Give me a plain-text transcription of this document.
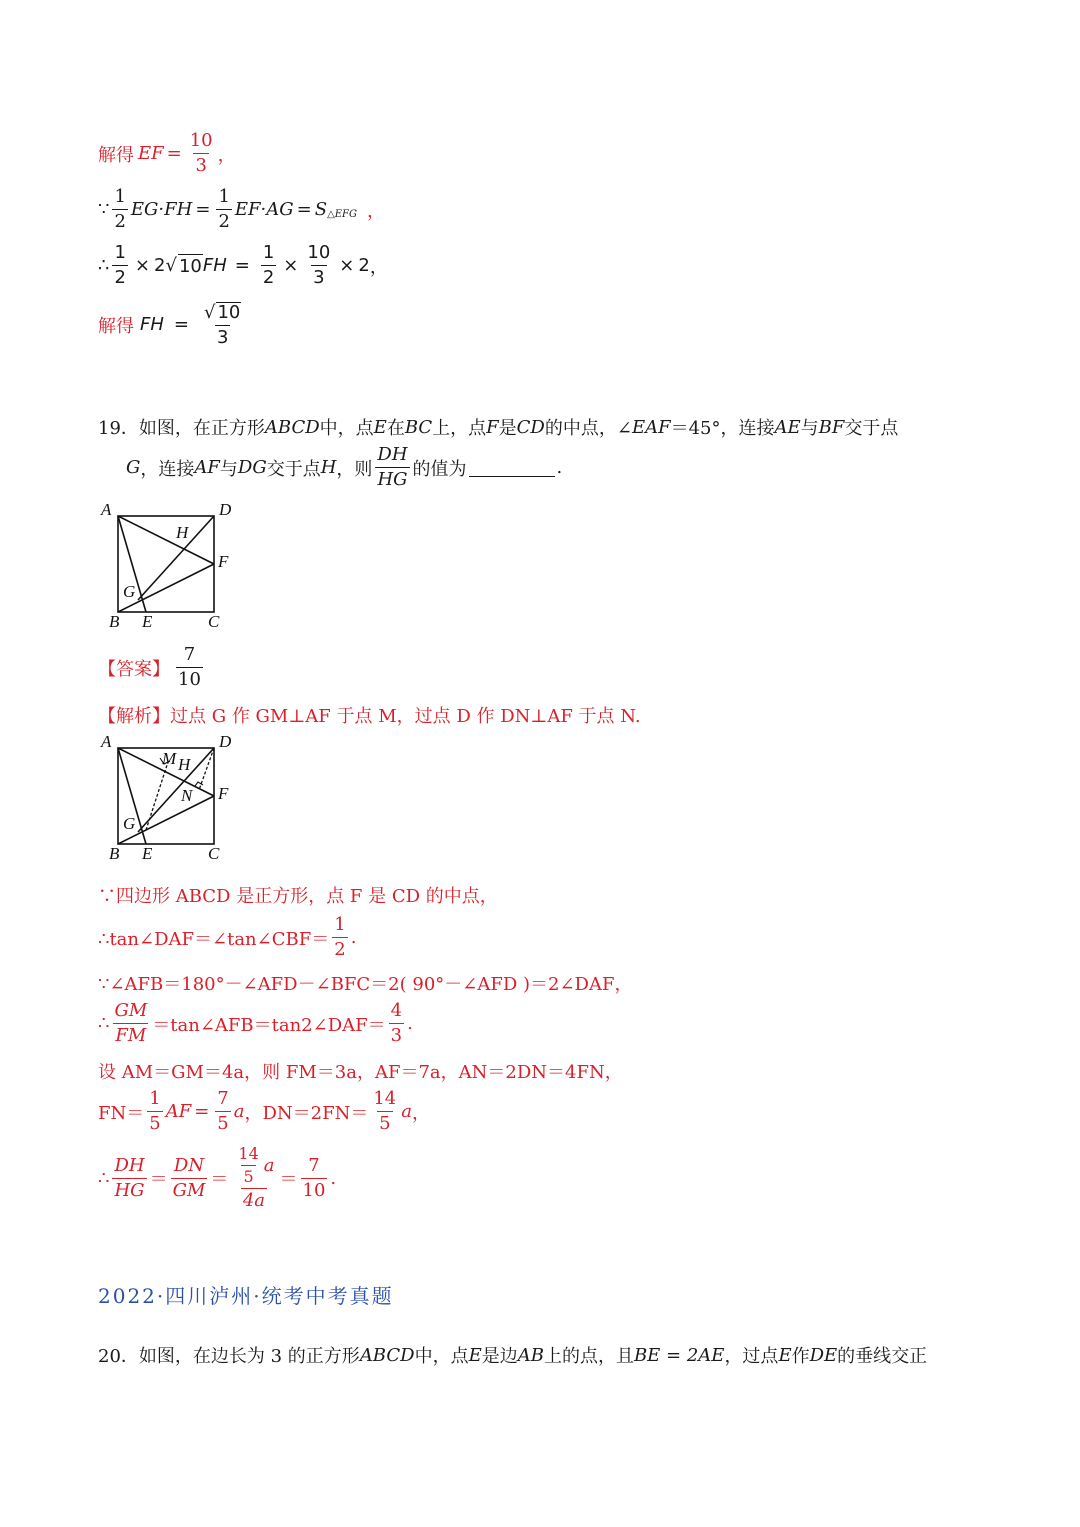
解得 EF = $\frac{10}{3}$ ，
∵ $\frac{1}{2} EG\cdot FH = \frac{1}{2} EF\cdot AG = S$ △EFG ，
∴ $\frac{1}{2} \times 2$ √ 10 FH = $\frac{1}{2} \times \frac{10}{3} \times 2$ ，
解得 FH = $\frac{√ 10}{3}$
19． 如图，在正方形 ABCD 中，点 E 在 BC 上，点 F 是 CD 的中点，∠ EAF ＝45°，连接 AE 与 BF 交于点
G ，连接 AF 与 DG 交于点 H ，则 $\frac{DH}{HG}$ 的值为	.
A	D
B E	C
F
G
H
【答案】 $\frac{7}{10}$
【解析】 过点 G 作 GM⊥AF 于点 M，过点 D 作 DN⊥AF 于点 N.
A	D
B E	C
F
G
M H
N
∵四边形 ABCD 是正方形，点 F 是 CD 的中点，
∴tan∠DAF＝∠tan∠CBF＝ $\frac{1}{2}$ .
∵∠AFB＝180°－∠AFD－∠BFC＝2( 90°－∠AFD )＝2∠DAF，
∴ $\frac{GM}{FM}$ ＝tan∠AFB＝tan2∠DAF＝ $\frac{4}{3}$ .
设 AM＝GM＝4a，则 FM＝3a，AF＝7a，AN＝2DN＝4FN，
$FN= \frac{1}{5}$ AF = $\frac{7}{5}$ a ，$DN=2FN= \frac{14}{5}$ a ，
∴ $\frac{DH}{HG} = \frac{DN}{GM} = \frac{\frac{14}{5} a}{4a} = \frac{7}{10}$ .
2022·四川泸州·统考中考真题
20． 如图，在边长为 3 的正方形 ABCD 中，点 E 是边 AB 上的点，且 BE = 2AE ，过点 E 作 DE 的垂线交正
